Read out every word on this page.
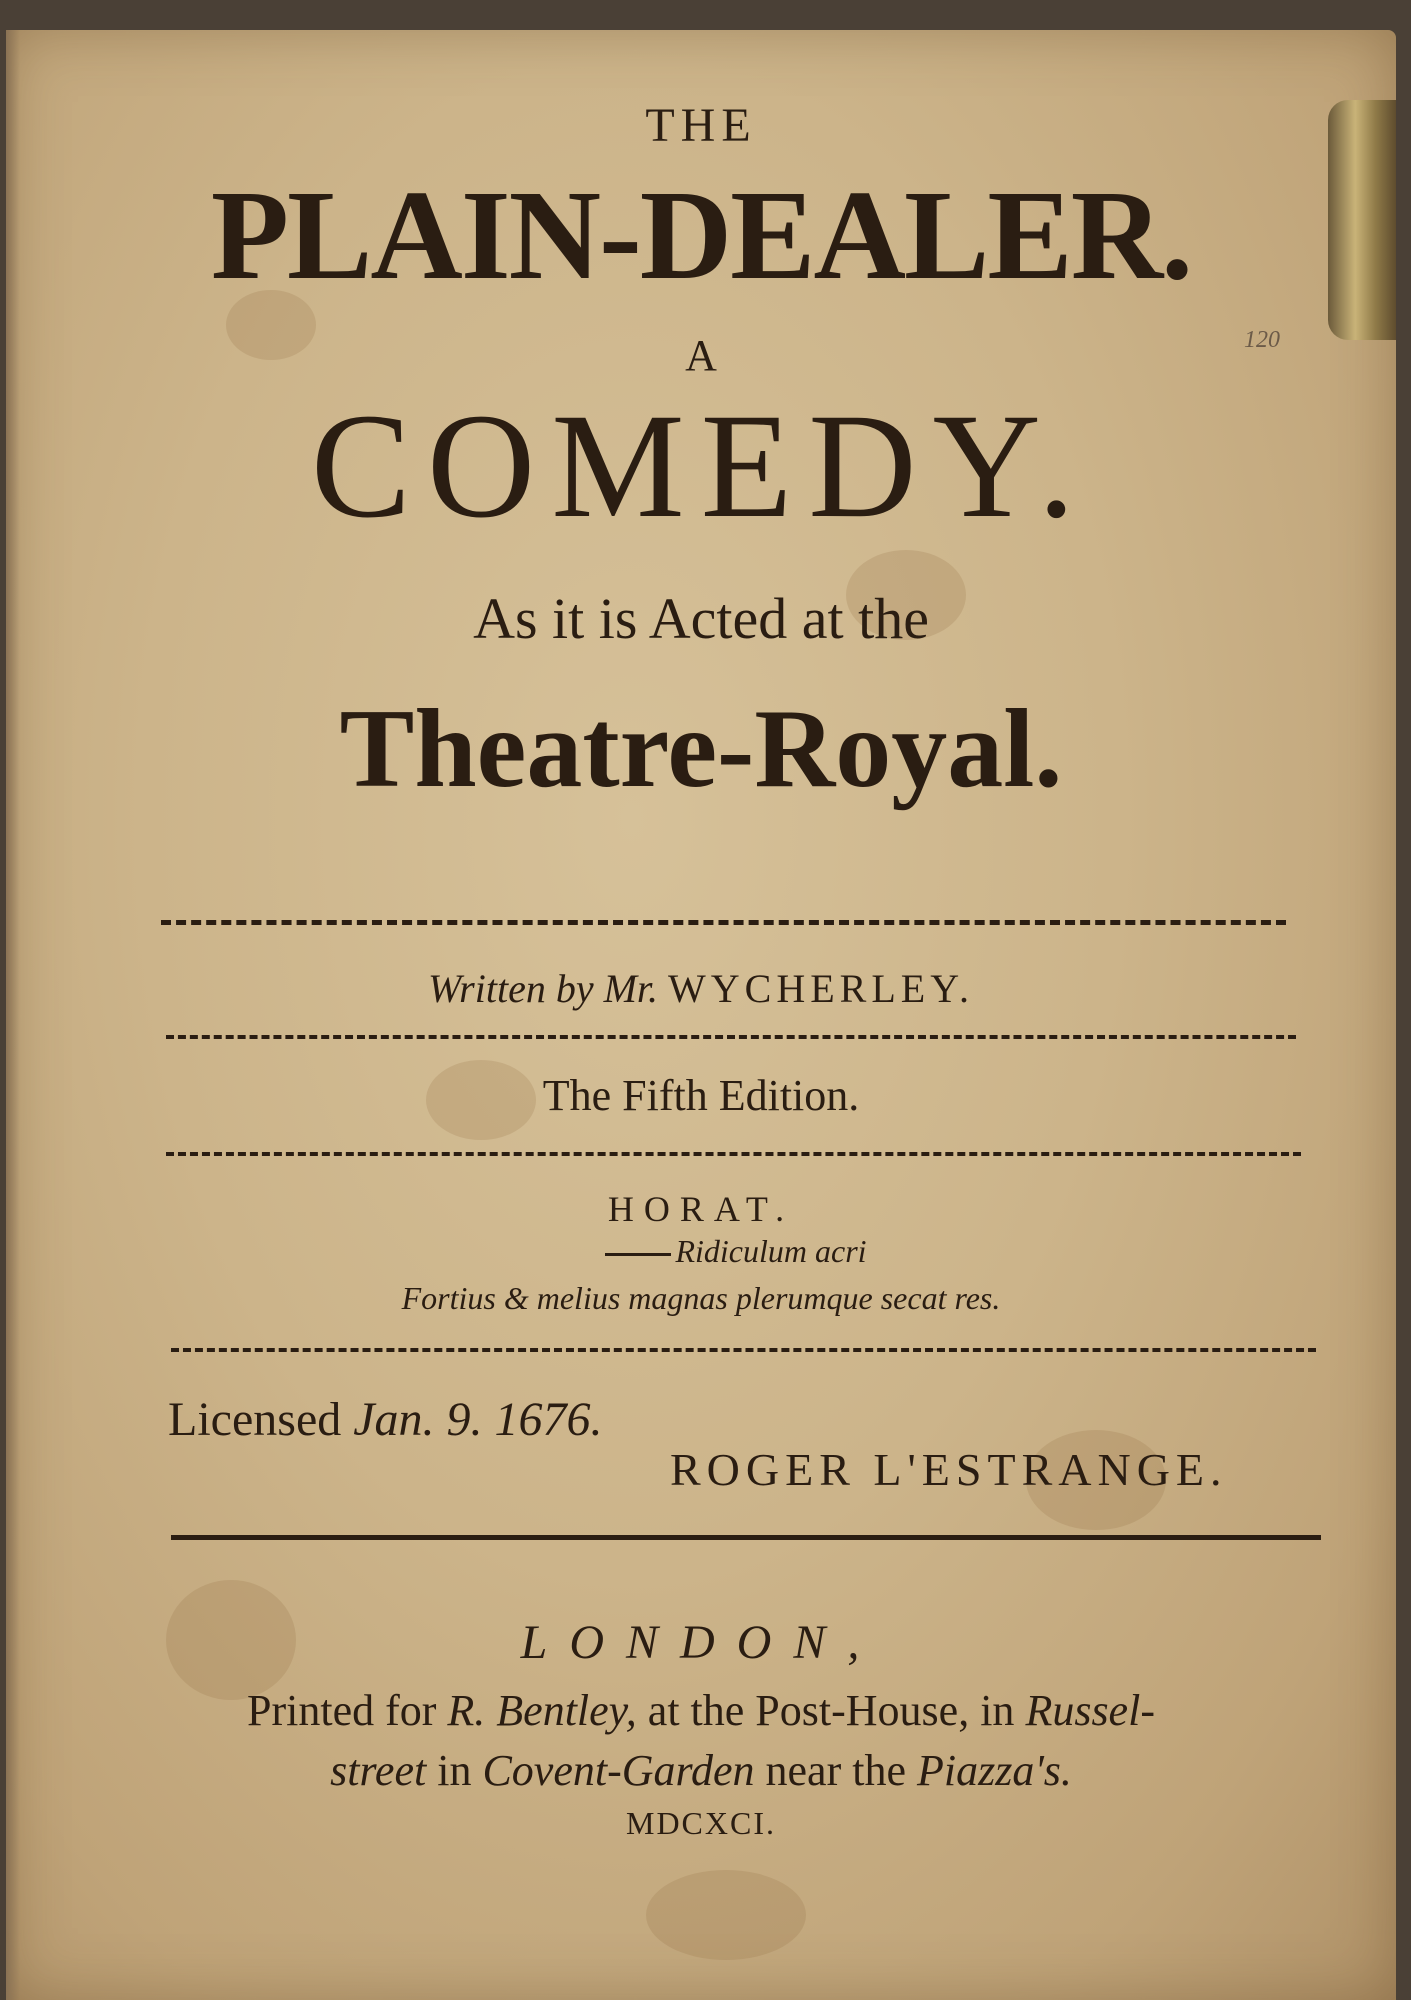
120
THE
PLAIN-DEALER.
A
COMEDY.
As it is Acted at the
Theatre-Royal.
Written by Mr. WYCHERLEY.
The Fifth Edition.
HORAT.
Ridiculum acri
Fortius & melius magnas plerumque secat res.
Licensed Jan. 9. 1676.
ROGER L'ESTRANGE.
LONDON,
Printed for R. Bentley, at the Post-House, in Russel-
street in Covent-Garden near the Piazza's.
MDCXCI.
